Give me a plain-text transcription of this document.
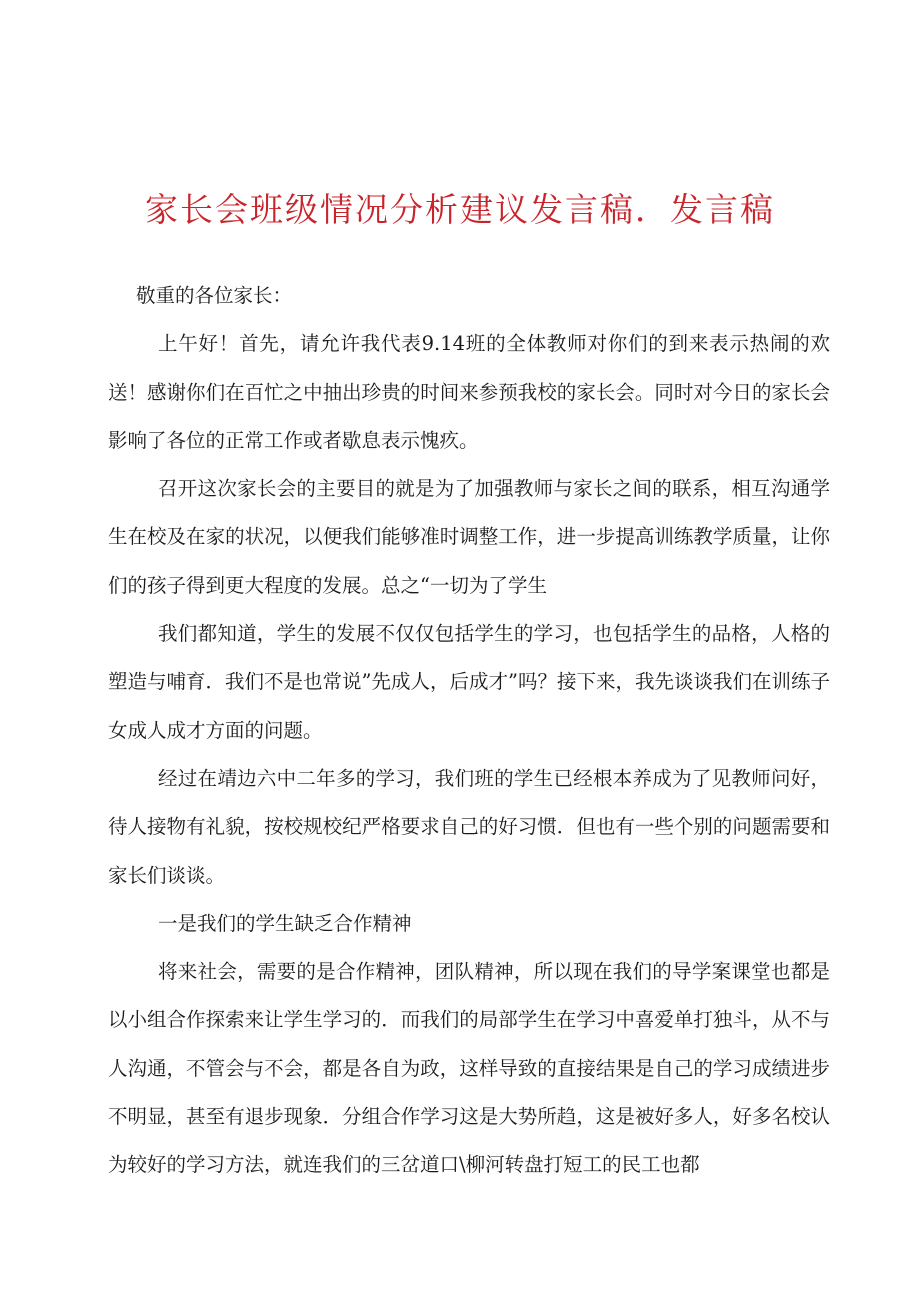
家长会班级情况分析建议发言稿．发言稿

敬重的各位家长：

上午好！首先，请允许我代表9.14班的全体教师对你们的到来表示热闹的欢送！感谢你们在百忙之中抽出珍贵的时间来参预我校的家长会。同时对今日的家长会影响了各位的正常工作或者歇息表示愧疚。

召开这次家长会的主要目的就是为了加强教师与家长之间的联系，相互沟通学生在校及在家的状况，以便我们能够准时调整工作，进一步提高训练教学质量，让你们的孩子得到更大程度的发展。总之“一切为了学生

我们都知道，学生的发展不仅仅包括学生的学习，也包括学生的品格，人格的塑造与哺育．我们不是也常说”先成人，后成才”吗？接下来，我先谈谈我们在训练子女成人成才方面的问题。

经过在靖边六中二年多的学习，我们班的学生已经根本养成为了见教师问好，待人接物有礼貌，按校规校纪严格要求自己的好习惯．但也有一些个别的问题需要和家长们谈谈。

一是我们的学生缺乏合作精神

将来社会，需要的是合作精神，团队精神，所以现在我们的导学案课堂也都是以小组合作探索来让学生学习的．而我们的局部学生在学习中喜爱单打独斗，从不与人沟通，不管会与不会，都是各自为政，这样导致的直接结果是自己的学习成绩进步不明显，甚至有退步现象．分组合作学习这是大势所趋，这是被好多人，好多名校认为较好的学习方法，就连我们的三岔道口\柳河转盘打短工的民工也都
